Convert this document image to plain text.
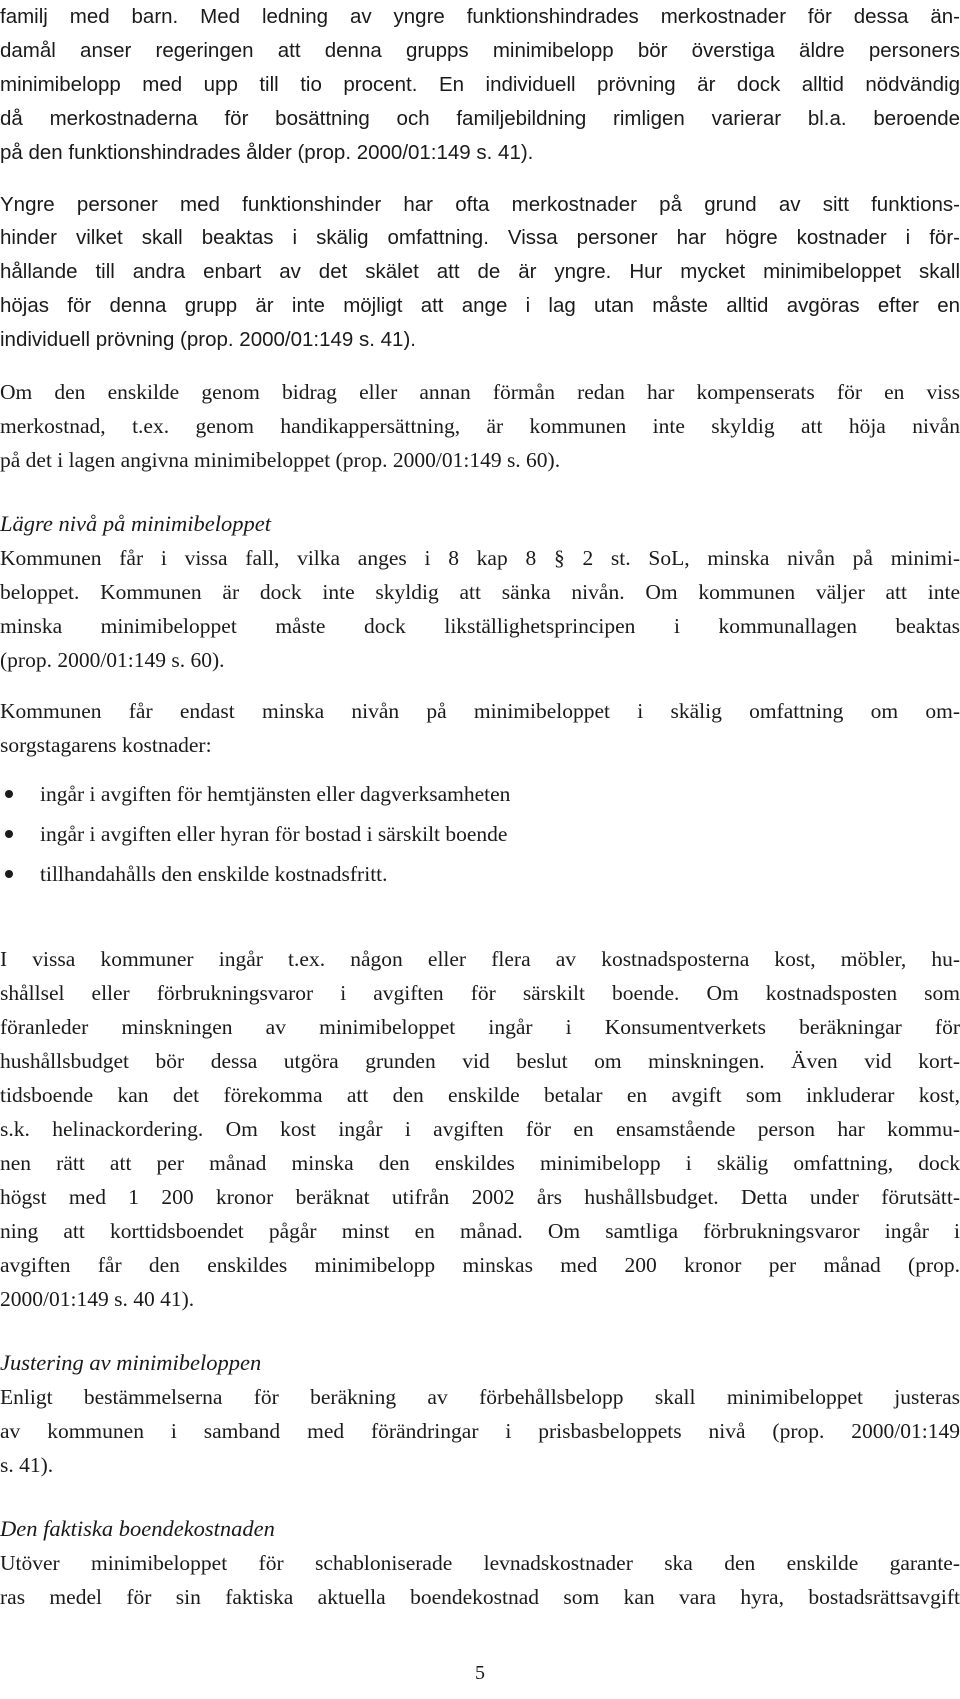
familj med barn. Med ledning av yngre funktionshindrades merkostnader för dessa än-
damål anser regeringen att denna grupps minimibelopp bör överstiga äldre personers
minimibelopp med upp till tio procent. En individuell prövning är dock alltid nödvändig
då merkostnaderna för bosättning och familjebildning rimligen varierar bl.a. beroende
på den funktionshindrades ålder (prop. 2000/01:149 s. 41).
Yngre personer med funktionshinder har ofta merkostnader på grund av sitt funktions-
hinder vilket skall beaktas i skälig omfattning. Vissa personer har högre kostnader i för-
hållande till andra enbart av det skälet att de är yngre. Hur mycket minimibeloppet skall
höjas för denna grupp är inte möjligt att ange i lag utan måste alltid avgöras efter en
individuell prövning (prop. 2000/01:149 s. 41).
Om den enskilde genom bidrag eller annan förmån redan har kompenserats för en viss
merkostnad, t.ex. genom handikappersättning, är kommunen inte skyldig att höja nivån
på det i lagen angivna minimibeloppet (prop. 2000/01:149 s. 60).
Lägre nivå på minimibeloppet
Kommunen får i vissa fall, vilka anges i 8 kap 8 § 2 st. SoL, minska nivån på minimi-
beloppet. Kommunen är dock inte skyldig att sänka nivån. Om kommunen väljer att inte
minska minimibeloppet måste dock likställighetsprincipen i kommunallagen beaktas
(prop. 2000/01:149 s. 60).
Kommunen får endast minska nivån på minimibeloppet i skälig omfattning om om-
sorgstagarens kostnader:
ingår i avgiften för hemtjänsten eller dagverksamheten
ingår i avgiften eller hyran för bostad i särskilt boende
tillhandahålls den enskilde kostnadsfritt.
I vissa kommuner ingår t.ex. någon eller flera av kostnadsposterna kost, möbler, hu-
shållsel eller förbrukningsvaror i avgiften för särskilt boende. Om kostnadsposten som
föranleder minskningen av minimibeloppet ingår i Konsumentverkets beräkningar för
hushållsbudget bör dessa utgöra grunden vid beslut om minskningen. Även vid kort-
tidsboende kan det förekomma att den enskilde betalar en avgift som inkluderar kost,
s.k. helinackordering. Om kost ingår i avgiften för en ensamstående person har kommu-
nen rätt att per månad minska den enskildes minimibelopp i skälig omfattning, dock
högst med 1 200 kronor beräknat utifrån 2002 års hushållsbudget. Detta under förutsätt-
ning att korttidsboendet pågår minst en månad. Om samtliga förbrukningsvaror ingår i
avgiften får den enskildes minimibelopp minskas med 200 kronor per månad (prop.
2000/01:149 s. 40 41).
Justering av minimibeloppen
Enligt bestämmelserna för beräkning av förbehållsbelopp skall minimibeloppet justeras
av kommunen i samband med förändringar i prisbasbeloppets nivå (prop. 2000/01:149
s. 41).
Den faktiska boendekostnaden
Utöver minimibeloppet för schabloniserade levnadskostnader ska den enskilde garante-
ras medel för sin faktiska aktuella boendekostnad som kan vara hyra, bostadsrättsavgift
5
